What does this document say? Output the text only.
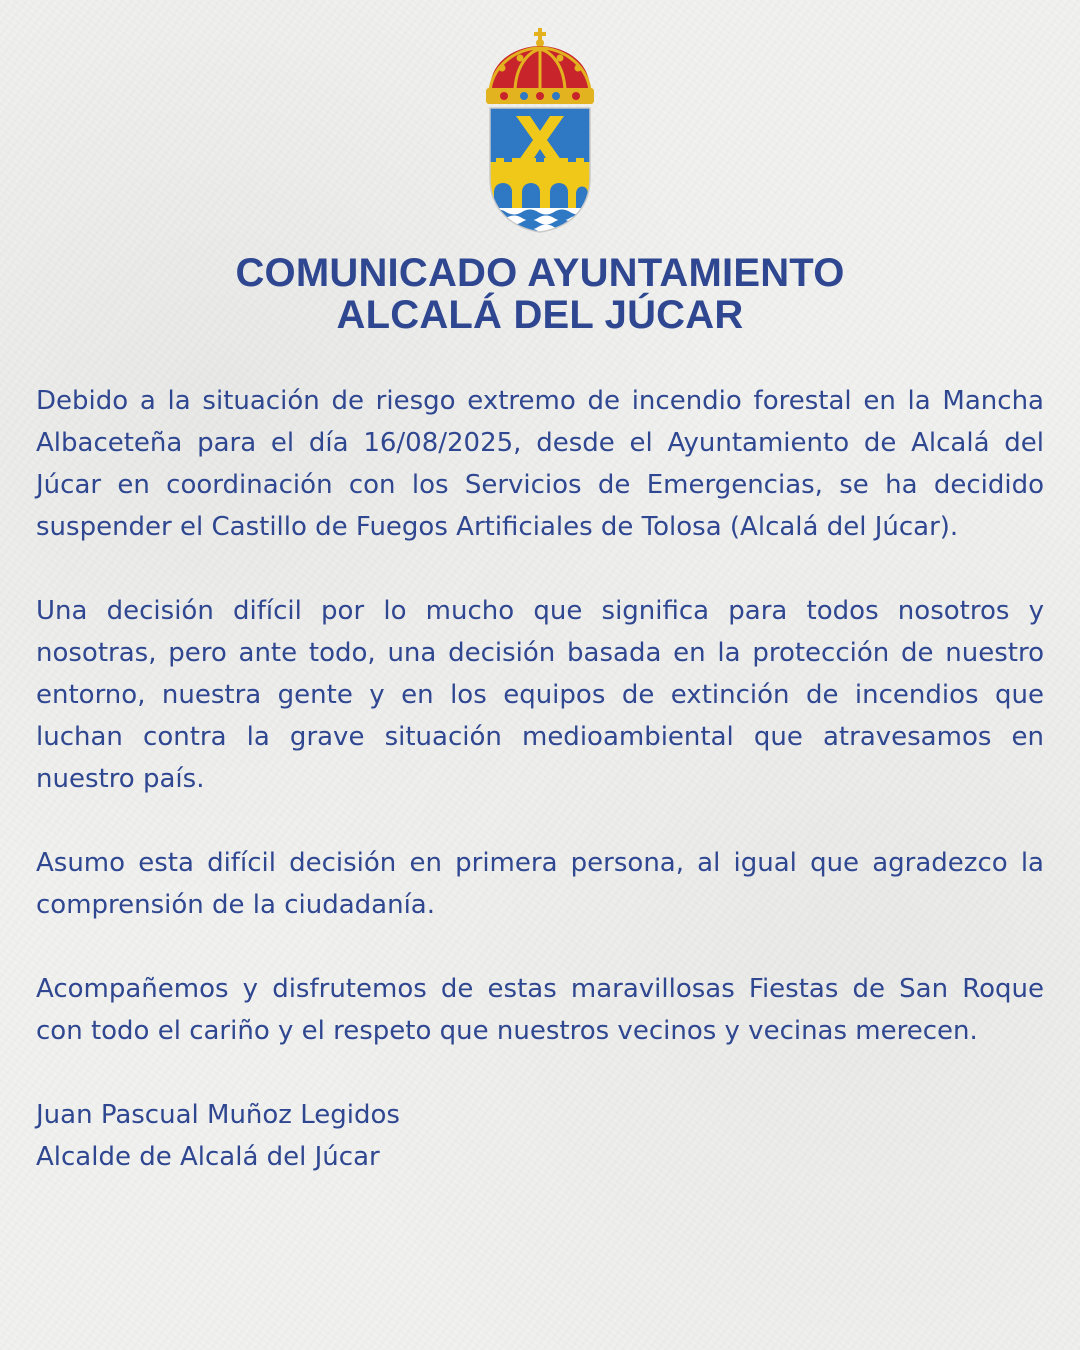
COMUNICADO AYUNTAMIENTO
ALCALÁ DEL JÚCAR

Debido a la situación de riesgo extremo de incendio forestal en la Mancha Albaceteña para el día 16/08/2025, desde el Ayuntamiento de Alcalá del Júcar en coordinación con los Servicios de Emergencias, se ha decidido suspender el Castillo de Fuegos Artificiales de Tolosa (Alcalá del Júcar).

Una decisión difícil por lo mucho que significa para todos nosotros y nosotras, pero ante todo, una decisión basada en la protección de nuestro entorno, nuestra gente y en los equipos de extinción de incendios que luchan contra la grave situación medioambiental que atravesamos en nuestro país.

Asumo esta difícil decisión en primera persona, al igual que agradezco la comprensión de la ciudadanía.

Acompañemos y disfrutemos de estas maravillosas Fiestas de San Roque con todo el cariño y el respeto que nuestros vecinos y vecinas merecen.

Juan Pascual Muñoz Legidos
Alcalde de Alcalá del Júcar
